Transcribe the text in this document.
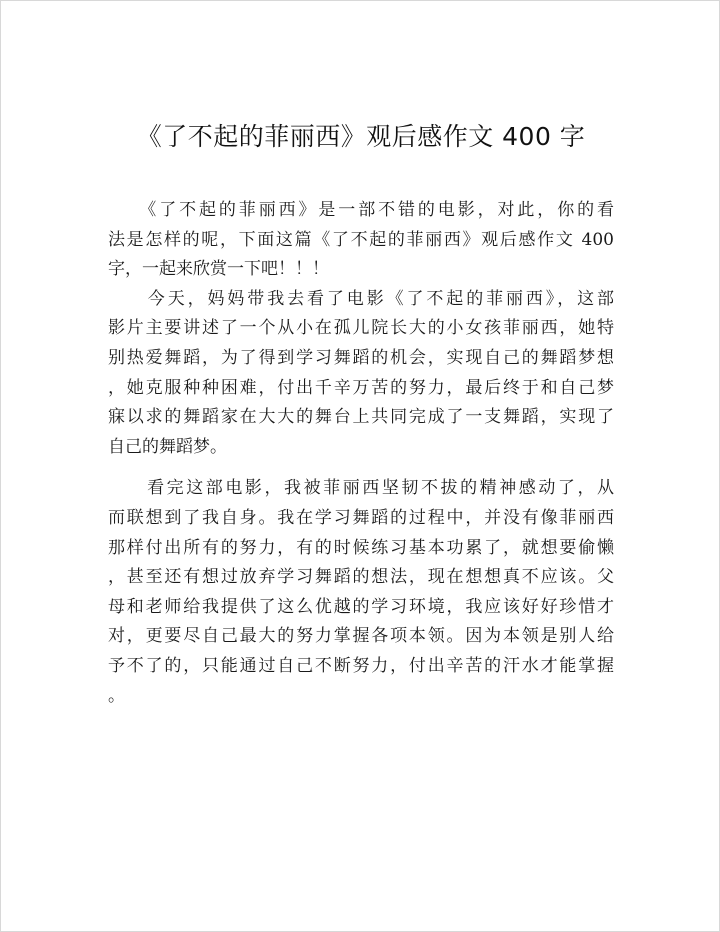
《了不起的菲丽西》观后感作文 400 字
　　《了不起的菲丽西》是一部不错的电影，对此，你的看
法是怎样的呢，下面这篇《了不起的菲丽西》观后感作文 400
字，一起来欣赏一下吧！！！
　　今天，妈妈带我去看了电影《了不起的菲丽西》，这部
影片主要讲述了一个从小在孤儿院长大的小女孩菲丽西，她特
别热爱舞蹈，为了得到学习舞蹈的机会，实现自己的舞蹈梦想
，她克服种种困难，付出千辛万苦的努力，最后终于和自己梦
寐以求的舞蹈家在大大的舞台上共同完成了一支舞蹈，实现了
自己的舞蹈梦。
　　看完这部电影，我被菲丽西坚韧不拔的精神感动了，从
而联想到了我自身。我在学习舞蹈的过程中，并没有像菲丽西
那样付出所有的努力，有的时候练习基本功累了，就想要偷懒
，甚至还有想过放弃学习舞蹈的想法，现在想想真不应该。父
母和老师给我提供了这么优越的学习环境，我应该好好珍惜才
对，更要尽自己最大的努力掌握各项本领。因为本领是别人给
予不了的，只能通过自己不断努力，付出辛苦的汗水才能掌握
。
